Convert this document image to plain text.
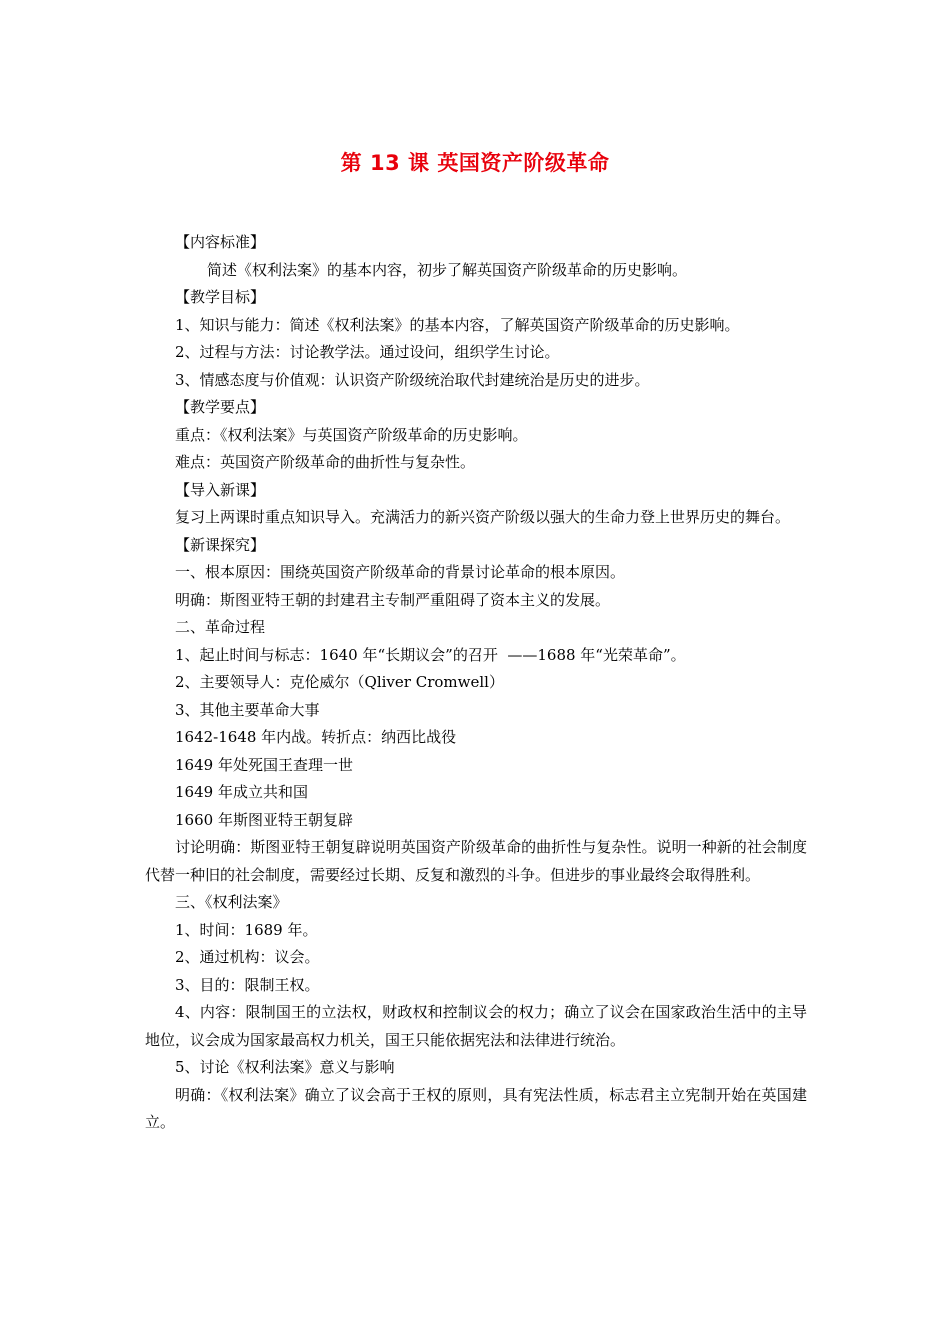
第 13 课 英国资产阶级革命
【内容标准】
简述《权利法案》的基本内容，初步了解英国资产阶级革命的历史影响。
【教学目标】
1、知识与能力：简述《权利法案》的基本内容，了解英国资产阶级革命的历史影响。
2、过程与方法：讨论教学法。通过设问，组织学生讨论。
3、情感态度与价值观：认识资产阶级统治取代封建统治是历史的进步。
【教学要点】
重点：《权利法案》与英国资产阶级革命的历史影响。
难点：英国资产阶级革命的曲折性与复杂性。
【导入新课】

复习上两课时重点知识导入。充满活力的新兴资产阶级以强大的生命力登上世界历史的舞台。

【新课探究】
一、根本原因：围绕英国资产阶级革命的背景讨论革命的根本原因。
明确：斯图亚特王朝的封建君主专制严重阻碍了资本主义的发展。
二、革命过程
1、起止时间与标志：1640 年“长期议会”的召开  ——1688 年“光荣革命”。
2、主要领导人：克伦威尔（Qliver Cromwell）
3、其他主要革命大事
1642-1648 年内战。转折点：纳西比战役
1649 年处死国王查理一世
1649 年成立共和国
1660 年斯图亚特王朝复辟

讨论明确：斯图亚特王朝复辟说明英国资产阶级革命的曲折性与复杂性。说明一种新的社会制度代替一种旧的社会制度，需要经过长期、反复和激烈的斗争。但进步的事业最终会取得胜利。

三、《权利法案》
1、时间：1689 年。
2、通过机构：议会。
3、目的：限制王权。

4、内容：限制国王的立法权，财政权和控制议会的权力；确立了议会在国家政治生活中的主导地位，议会成为国家最高权力机关，国王只能依据宪法和法律进行统治。

5、讨论《权利法案》意义与影响

明确：《权利法案》确立了议会高于王权的原则，具有宪法性质，标志君主立宪制开始在英国建立。
